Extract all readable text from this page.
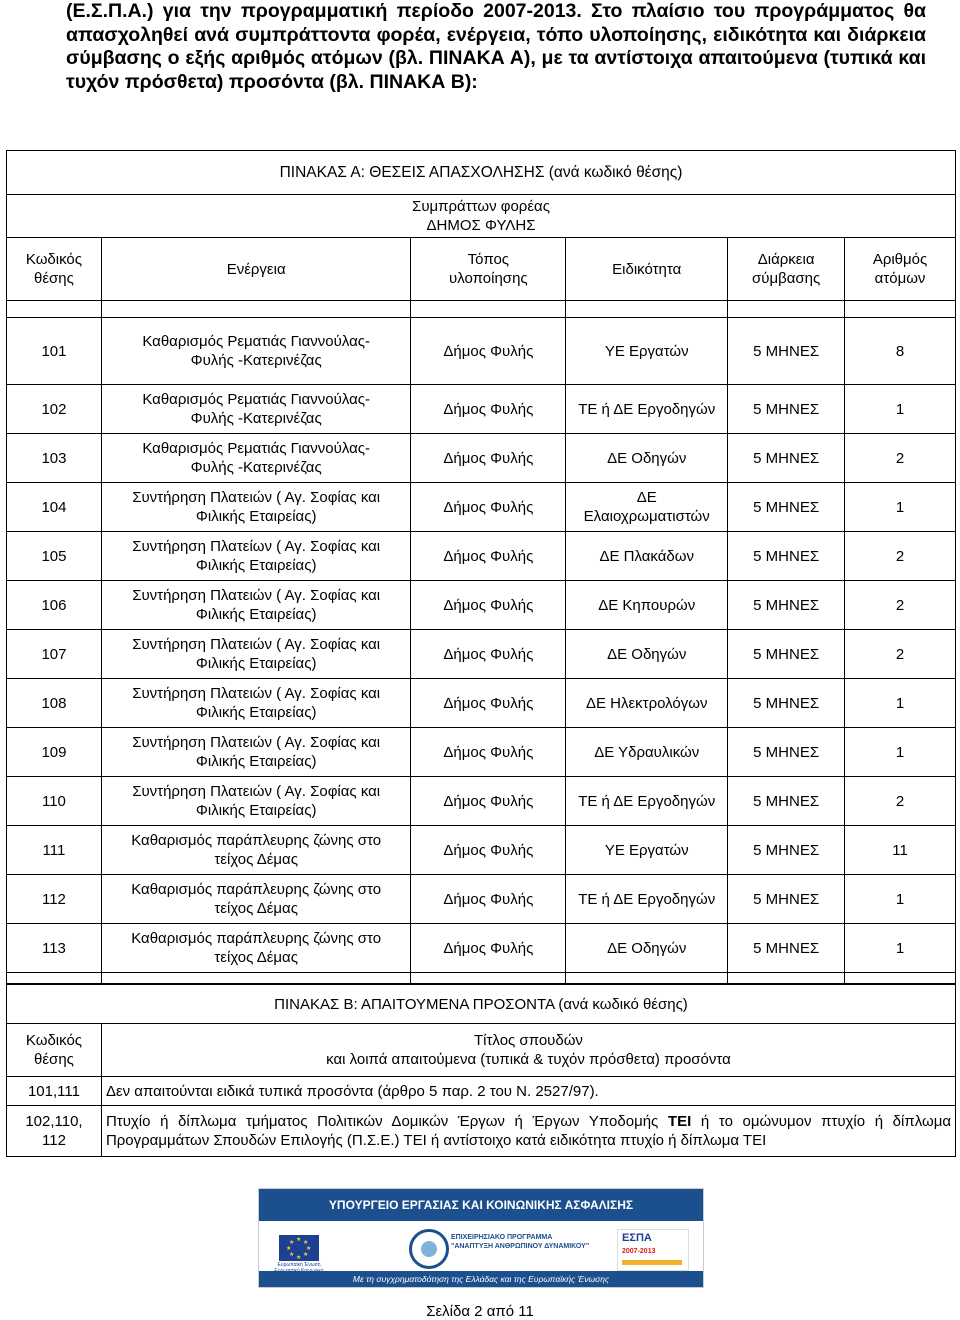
(Ε.Σ.Π.Α.) για την προγραμματική περίοδο 2007-2013. Στο πλαίσιο του προγράμματος θα απασχοληθεί ανά συμπράττοντα φορέα, ενέργεια, τόπο υλοποίησης, ειδικότητα και διάρκεια σύμβασης ο εξής αριθμός ατόμων (βλ. ΠΙΝΑΚΑ Α), με τα αντίστοιχα απαιτούμενα (τυπικά και τυχόν πρόσθετα) προσόντα (βλ. ΠΙΝΑΚΑ Β):

ΠΙΝΑΚΑΣ Α: ΘΕΣΕΙΣ ΑΠΑΣΧΟΛΗΣΗΣ (ανά κωδικό θέσης)					
Συμπράττων φορέας
ΔΗΜΟΣ ΦΥΛΗΣ					
Κωδικός
θέσης	Ενέργεια	Τόπος
υλοποίησης	Ειδικότητα	Διάρκεια
σύμβασης	Αριθμός
ατόμων

101	Καθαρισμός Ρεματιάς Γιαννούλας-
Φυλής -Κατερινέζας	Δήμος Φυλής	ΥΕ Εργατών	5 ΜΗΝΕΣ	8
102	Καθαρισμός Ρεματιάς Γιαννούλας-
Φυλής -Κατερινέζας	Δήμος Φυλής	ΤΕ ή ΔΕ Εργοδηγών	5 ΜΗΝΕΣ	1
103	Καθαρισμός Ρεματιάς Γιαννούλας-
Φυλής -Κατερινέζας	Δήμος Φυλής	ΔΕ Οδηγών	5 ΜΗΝΕΣ	2
104	Συντήρηση Πλατειών ( Αγ. Σοφίας και
Φιλικής Εταιρείας)	Δήμος Φυλής	ΔΕ
Ελαιοχρωματιστών	5 ΜΗΝΕΣ	1
105	Συντήρηση Πλατείων ( Αγ. Σοφίας και
Φιλικής Εταιρείας)	Δήμος Φυλής	ΔΕ Πλακάδων	5 ΜΗΝΕΣ	2
106	Συντήρηση Πλατειών ( Αγ. Σοφίας και
Φιλικής Εταιρείας)	Δήμος Φυλής	ΔΕ Κηπουρών	5 ΜΗΝΕΣ	2
107	Συντήρηση Πλατειών ( Αγ. Σοφίας και
Φιλικής Εταιρείας)	Δήμος Φυλής	ΔΕ Οδηγών	5 ΜΗΝΕΣ	2
108	Συντήρηση Πλατειών ( Αγ. Σοφίας και
Φιλικής Εταιρείας)	Δήμος Φυλής	ΔΕ Ηλεκτρολόγων	5 ΜΗΝΕΣ	1
109	Συντήρηση Πλατειών ( Αγ. Σοφίας και
Φιλικής Εταιρείας)	Δήμος Φυλής	ΔΕ Υδραυλικών	5 ΜΗΝΕΣ	1
110	Συντήρηση Πλατειών ( Αγ. Σοφίας και
Φιλικής Εταιρείας)	Δήμος Φυλής	ΤΕ ή ΔΕ Εργοδηγών	5 ΜΗΝΕΣ	2
111	Καθαρισμός παράπλευρης ζώνης στο
τείχος Δέμας	Δήμος Φυλής	ΥΕ Εργατών	5 ΜΗΝΕΣ	11
112	Καθαρισμός παράπλευρης ζώνης στο
τείχος Δέμας	Δήμος Φυλής	ΤΕ ή ΔΕ Εργοδηγών	5 ΜΗΝΕΣ	1
113	Καθαρισμός παράπλευρης ζώνης στο
τείχος Δέμας	Δήμος Φυλής	ΔΕ Οδηγών	5 ΜΗΝΕΣ	1

ΠΙΝΑΚΑΣ Β: ΑΠΑΙΤΟΥΜΕΝΑ ΠΡΟΣΟΝΤΑ (ανά κωδικό θέσης)	
Κωδικός
θέσης	Τίτλος σπουδών
και λοιπά απαιτούμενα (τυπικά & τυχόν πρόσθετα) προσόντα
101,111	Δεν απαιτούνται ειδικά τυπικά προσόντα (άρθρο 5 παρ. 2 του Ν. 2527/97).
102,110,
112	Πτυχίο ή δίπλωμα τμήματος Πολιτικών Δομικών Έργων ή Έργων Υποδομής ΤΕΙ ή το ομώνυμον πτυχίο ή δίπλωμα Προγραμμάτων Σπουδών Επιλογής (Π.Σ.Ε.) ΤΕΙ ή αντίστοιχο κατά ειδικότητα πτυχίο ή δίπλωμα ΤΕΙ
ΥΠΟΥΡΓΕΙΟ ΕΡΓΑΣΙΑΣ ΚΑΙ ΚΟΙΝΩΝΙΚΗΣ ΑΣΦΑΛΙΣΗΣ
★ ★
★
★
★
★
★
★
Ευρωπαϊκή Ένωση
ΕΠΙΧΕΙΡΗΣΙΑΚΟ ΠΡΟΓΡΑΜΜΑ
"ΑΝΑΠΤΥΞΗ ΑΝΘΡΩΠΙΝΟΥ ΔΥΝΑΜΙΚΟΥ"
ΕΣΠΑ
2007-2013
Με τη συγχρηματοδότηση της Ελλάδας και της Ευρωπαϊκής Ένωσης
Σελίδα 2 από 11
